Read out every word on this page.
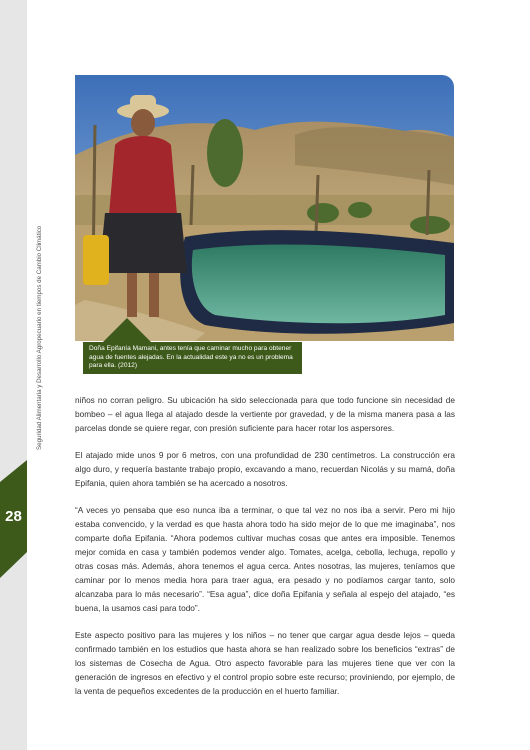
Seguridad Alimentaria y Desarrollo Agropecuario en tiempos de Cambio Climático
28
Doña Epifanía Mamani, antes tenía que caminar mucho para obtener agua de fuentes alejadas. En la actualidad este ya no es un problema para ella. (2012)

niños no corran peligro. Su ubicación ha sido seleccionada para que todo funcione sin necesidad de bombeo – el agua llega al atajado desde la vertiente por gravedad, y de la misma manera pasa a las parcelas donde se quiere regar, con presión suficiente para hacer rotar los aspersores.

El atajado mide unos 9 por 6 metros, con una profundidad de 230 centímetros. La construcción era algo duro, y requería bastante trabajo propio, excavando a mano, recuerdan Nicolás y su mamá, doña Epifania, quien ahora también se ha acercado a nosotros.

“A veces yo pensaba que eso nunca iba a terminar, o que tal vez no nos iba a servir. Pero mi hijo estaba convencido, y la verdad es que hasta ahora todo ha sido mejor de lo que me imaginaba”, nos comparte doña Epifania. “Ahora podemos cultivar muchas cosas que antes era imposible. Tenemos mejor comida en casa y también podemos vender algo. Tomates, acelga, cebolla, lechuga, repollo y otras cosas más. Además, ahora tenemos el agua cerca. Antes nosotras, las mujeres, teníamos que caminar por lo menos media hora para traer agua, era pesado y no podíamos cargar tanto, solo alcanzaba para lo más necesario”. “Esa agua”, dice doña Epifania y señala al espejo del atajado, “es buena, la usamos casi para todo”.

Este aspecto positivo para las mujeres y los niños – no tener que cargar agua desde lejos – queda confirmado también en los estudios que hasta ahora se han realizado sobre los beneficios “extras” de los sistemas de Cosecha de Agua. Otro aspecto favorable para las mujeres tiene que ver con la generación de ingresos en efectivo y el control propio sobre este recurso; proviniendo, por ejemplo, de la venta de pequeños excedentes de la producción en el huerto familiar.
